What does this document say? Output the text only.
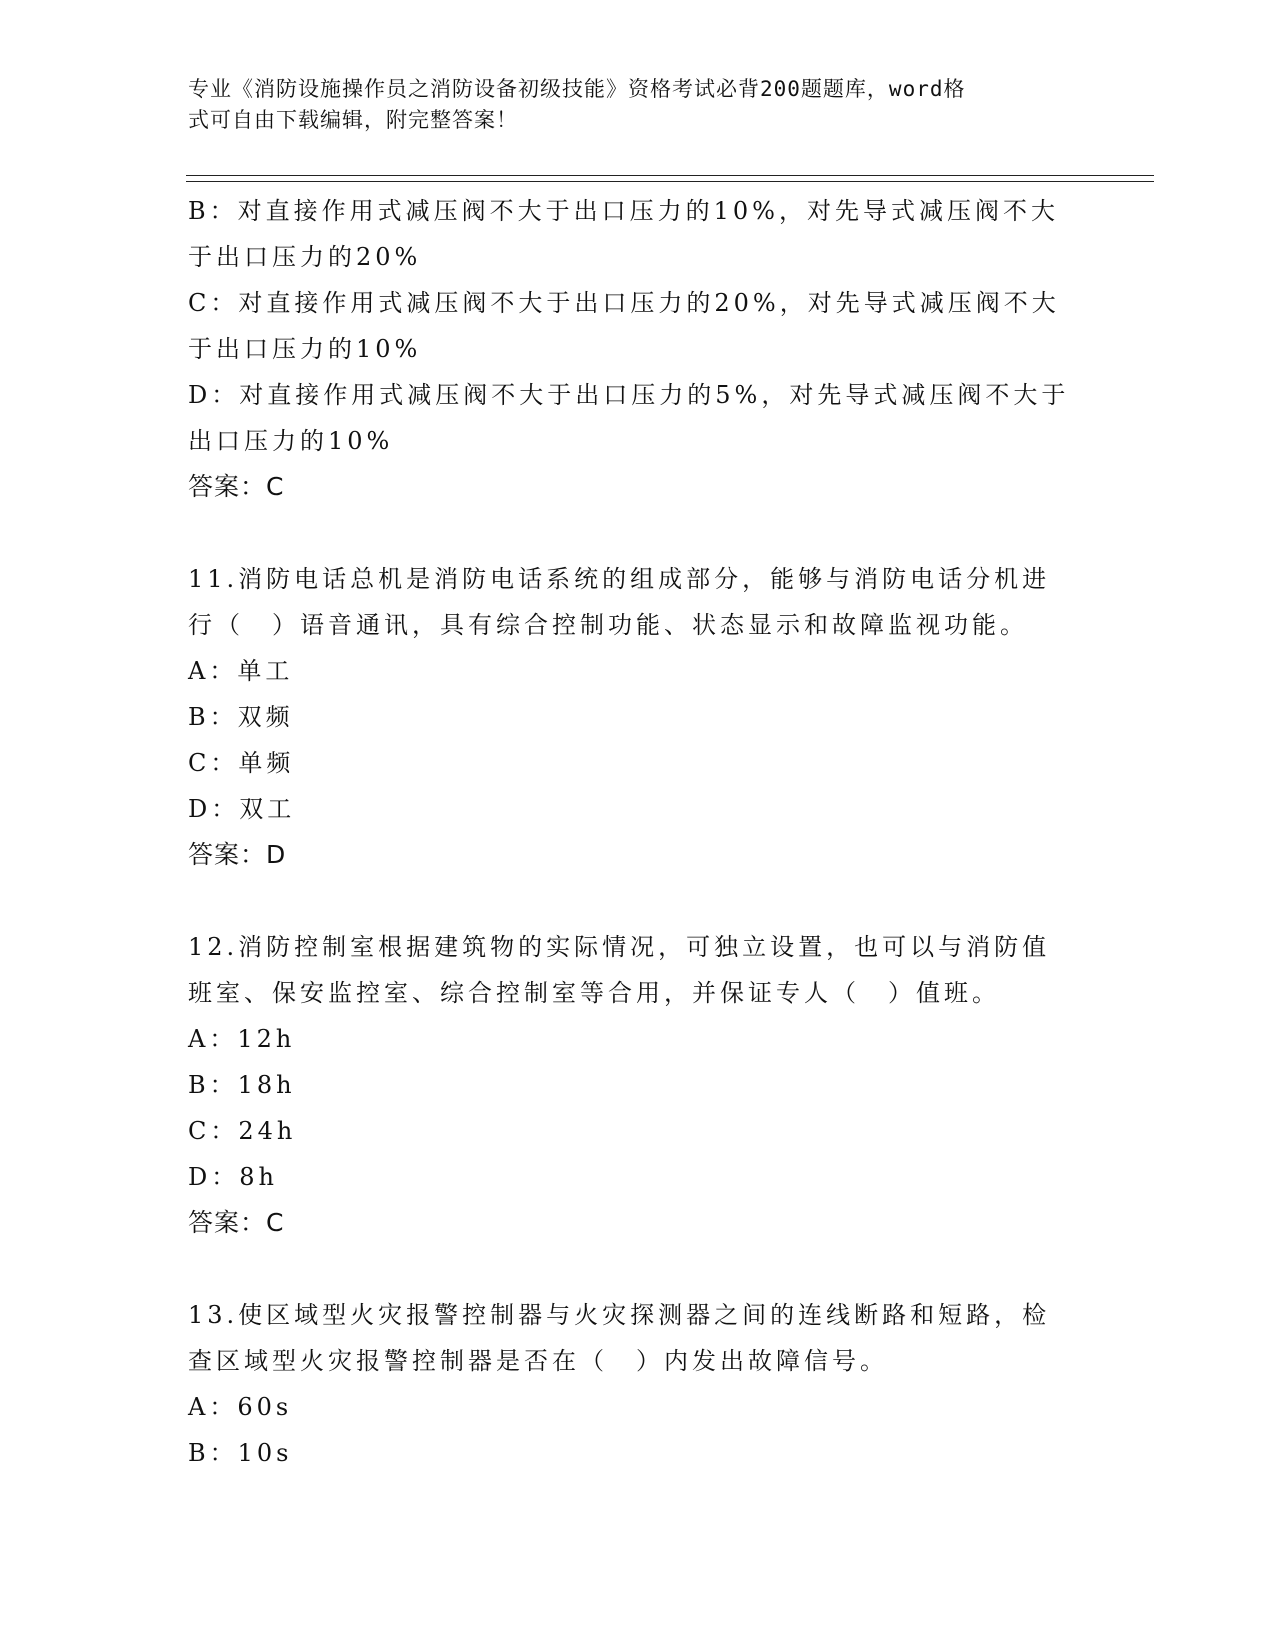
专业《消防设施操作员之消防设备初级技能》资格考试必背200题题库，word格
式可自由下载编辑，附完整答案！
B：对直接作用式减压阀不大于出口压力的10%，对先导式减压阀不大
于出口压力的20%
C：对直接作用式减压阀不大于出口压力的20%，对先导式减压阀不大
于出口压力的10%
D：对直接作用式减压阀不大于出口压力的5%，对先导式减压阀不大于
出口压力的10%
答案：C
11.消防电话总机是消防电话系统的组成部分，能够与消防电话分机进
行（　）语音通讯，具有综合控制功能、状态显示和故障监视功能。
A：单工
B：双频
C：单频
D：双工
答案：D
12.消防控制室根据建筑物的实际情况，可独立设置，也可以与消防值
班室、保安监控室、综合控制室等合用，并保证专人（　）值班。
A：12h
B：18h
C：24h
D：8h
答案：C
13.使区域型火灾报警控制器与火灾探测器之间的连线断路和短路，检
查区域型火灾报警控制器是否在（　）内发出故障信号。
A：60s
B：10s
